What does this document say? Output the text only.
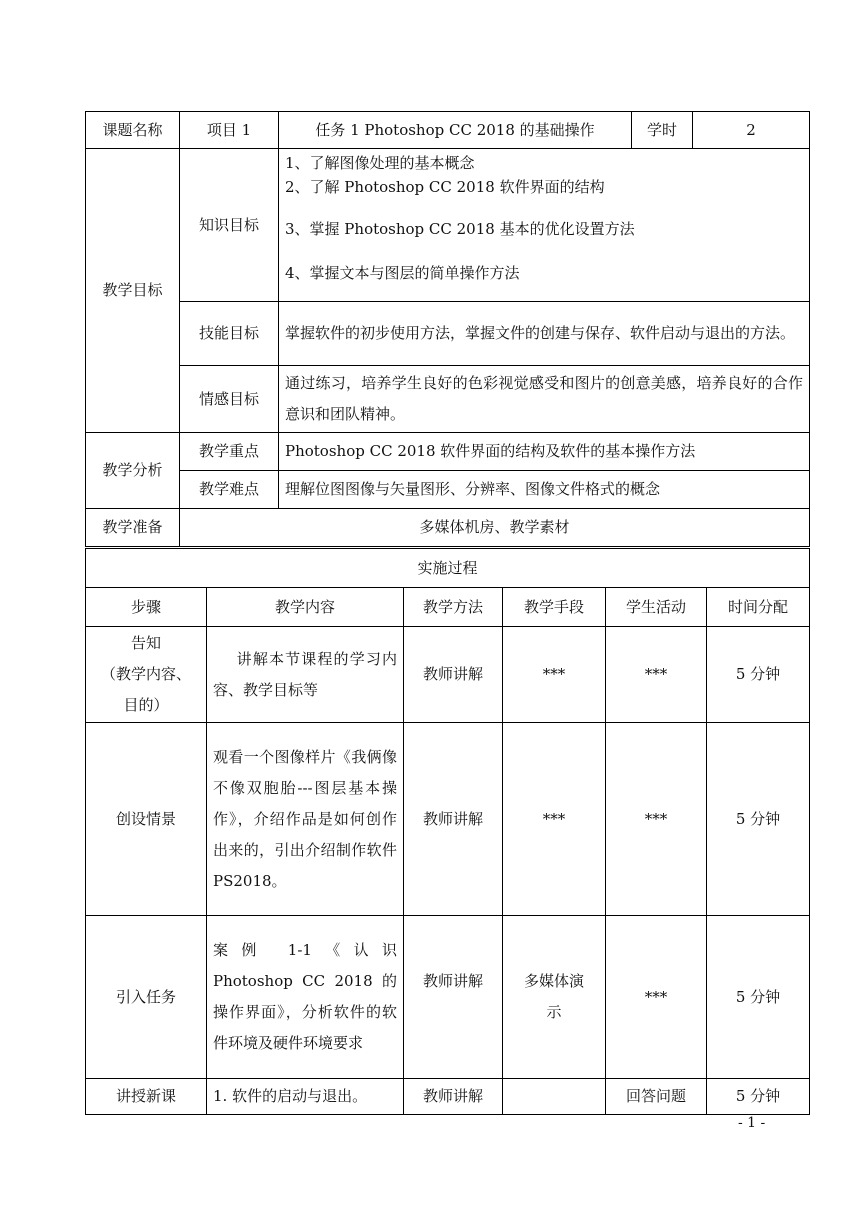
课题名称	项目 1	任务 1 Photoshop CC 2018 的基础操作	学时	2
教学目标	知识目标	1、了解图像处理的基本概念
2、了解 Photoshop CC 2018 软件界面的结构
3、掌握 Photoshop CC 2018 基本的优化设置方法
4、掌握文本与图层的简单操作方法		

	技能目标	掌握软件的初步使用方法，掌握文件的创建与保存、软件启动与退出的方法。		
	情感目标	通过练习，培养学生良好的色彩视觉感受和图片的创意美感，培养良好的合作意识和团队精神。		
教学分析	教学重点	Photoshop CC 2018 软件界面的结构及软件的基本操作方法		
	教学难点	理解位图图像与矢量图形、分辨率、图像文件格式的概念		
教学准备	多媒体机房、教学素材			
实施过程					
步骤	教学内容	教学方法	教学手段	学生活动	时间分配
告知
（教学内容、
目的）	讲解本节课程的学习内容、教学目标等	教师讲解	***	***	5 分钟
创设情景	观看一个图像样片《我俩像不像双胞胎---图层基本操作》，介绍作品是如何创作出来的，引出介绍制作软件PS2018。	教师讲解	***	***	5 分钟
引入任务	案例 1-1《认识 Photoshop CC 2018 的操作界面》，分析软件的软件环境及硬件环境要求	教师讲解	多媒体演示	***	5 分钟
讲授新课	1. 软件的启动与退出。	教师讲解		回答问题	5 分钟
- 1 -
